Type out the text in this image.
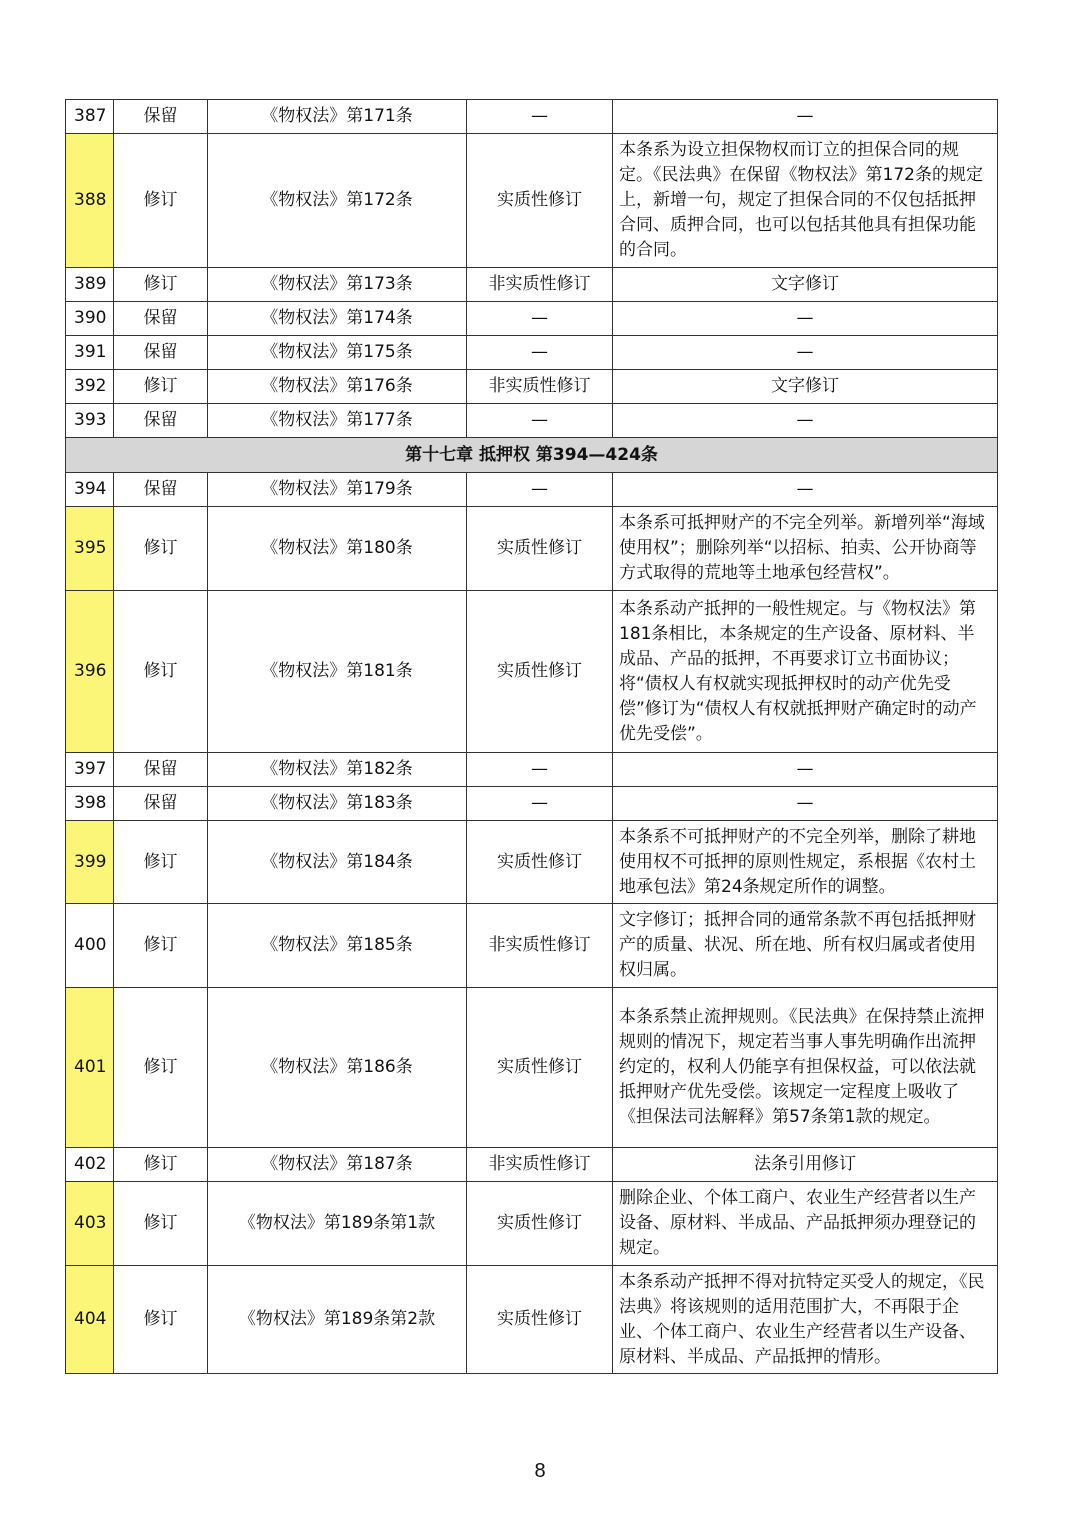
387	保留	《物权法》第171条	—	—
388	修订	《物权法》第172条	实质性修订	本条系为设立担保物权而订立的担保合同的规定。《民法典》在保留《物权法》第172条的规定上，新增一句，规定了担保合同的不仅包括抵押合同、质押合同，也可以包括其他具有担保功能的合同。
389	修订	《物权法》第173条	非实质性修订	文字修订
390	保留	《物权法》第174条	—	—
391	保留	《物权法》第175条	—	—
392	修订	《物权法》第176条	非实质性修订	文字修订
393	保留	《物权法》第177条	—	—
第十七章 抵押权 第394—424条				
394	保留	《物权法》第179条	—	—
395	修订	《物权法》第180条	实质性修订	本条系可抵押财产的不完全列举。新增列举“海域使用权”；删除列举“以招标、拍卖、公开协商等方式取得的荒地等土地承包经营权”。
396	修订	《物权法》第181条	实质性修订	本条系动产抵押的一般性规定。与《物权法》第181条相比，本条规定的生产设备、原材料、半成品、产品的抵押，不再要求订立书面协议；将“债权人有权就实现抵押权时的动产优先受偿”修订为“债权人有权就抵押财产确定时的动产优先受偿”。
397	保留	《物权法》第182条	—	—
398	保留	《物权法》第183条	—	—
399	修订	《物权法》第184条	实质性修订	本条系不可抵押财产的不完全列举，删除了耕地使用权不可抵押的原则性规定，系根据《农村土地承包法》第24条规定所作的调整。
400	修订	《物权法》第185条	非实质性修订	文字修订；抵押合同的通常条款不再包括抵押财产的质量、状况、所在地、所有权归属或者使用权归属。
401	修订	《物权法》第186条	实质性修订	本条系禁止流押规则。《民法典》在保持禁止流押规则的情况下，规定若当事人事先明确作出流押约定的，权利人仍能享有担保权益，可以依法就抵押财产优先受偿。该规定一定程度上吸收了《担保法司法解释》第57条第1款的规定。
402	修订	《物权法》第187条	非实质性修订	法条引用修订
403	修订	《物权法》第189条第1款	实质性修订	删除企业、个体工商户、农业生产经营者以生产设备、原材料、半成品、产品抵押须办理登记的规定。
404	修订	《物权法》第189条第2款	实质性修订	本条系动产抵押不得对抗特定买受人的规定，《民法典》将该规则的适用范围扩大，不再限于企业、个体工商户、农业生产经营者以生产设备、原材料、半成品、产品抵押的情形。
8
